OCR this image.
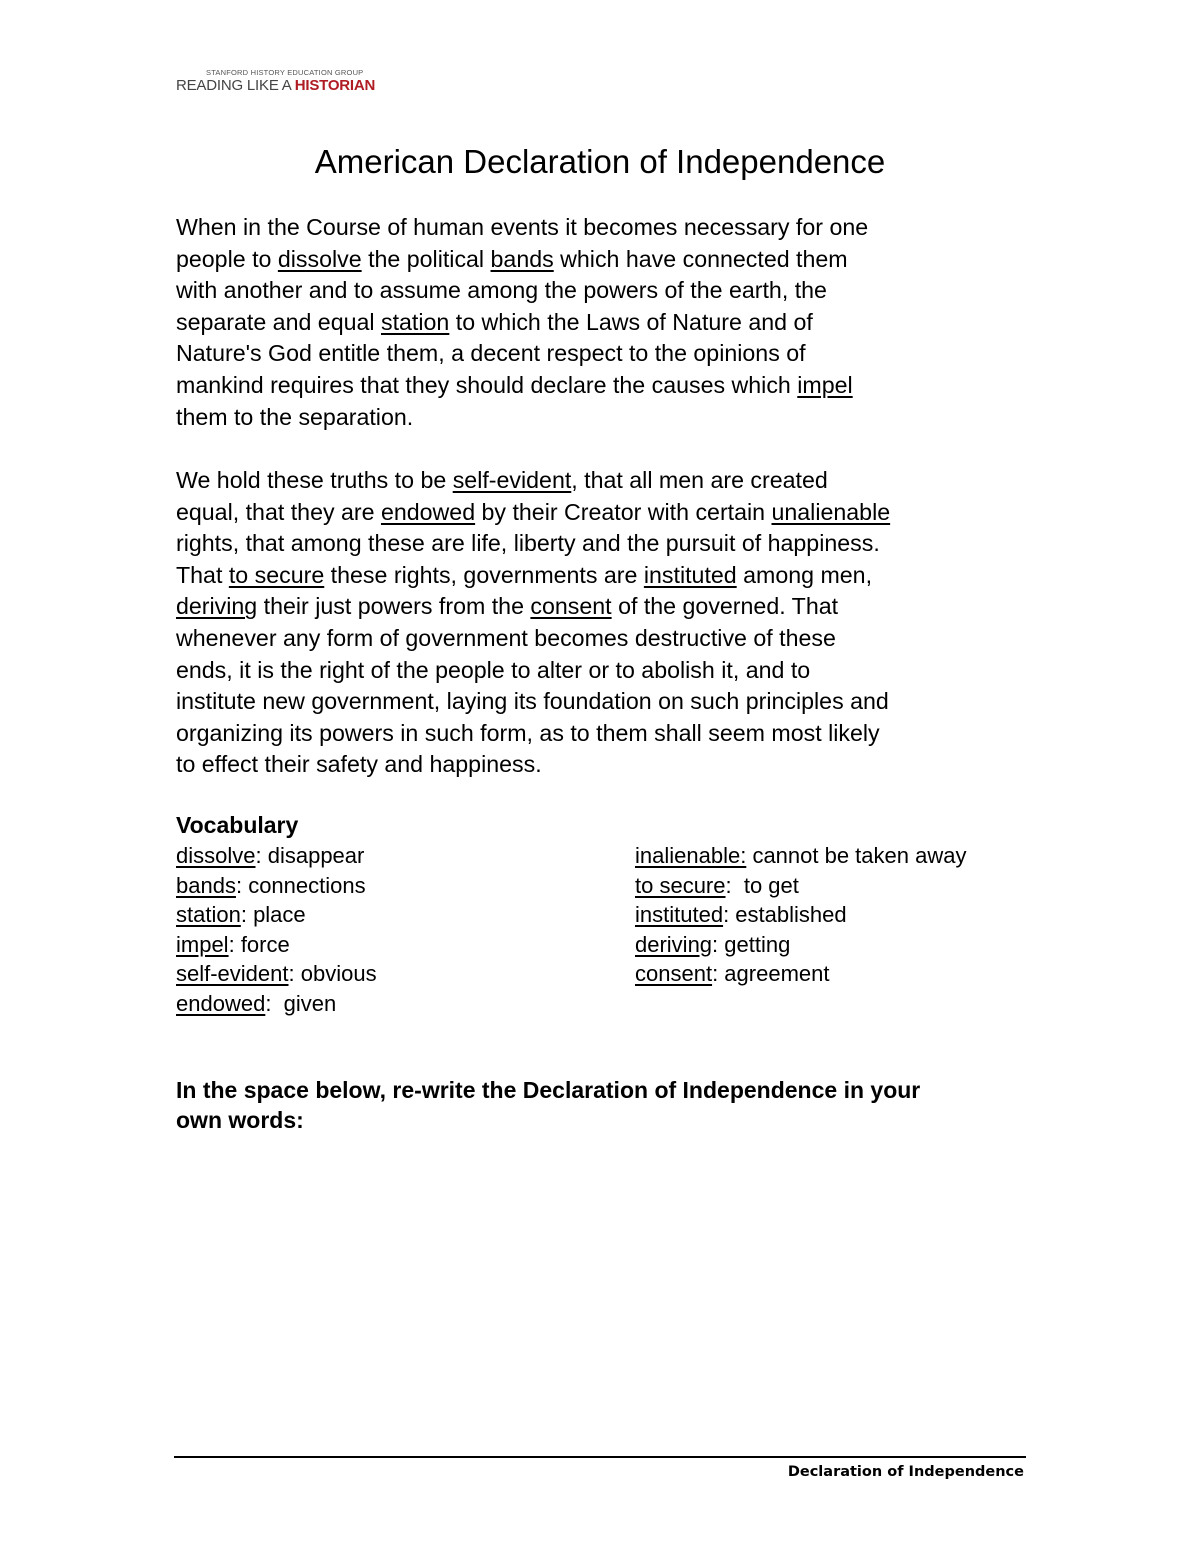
STANFORD HISTORY EDUCATION GROUP
READING LIKE A HISTORIAN
American Declaration of Independence
When in the Course of human events it becomes necessary for one
people to dissolve the political bands which have connected them
with another and to assume among the powers of the earth, the
separate and equal station to which the Laws of Nature and of
Nature's God entitle them, a decent respect to the opinions of
mankind requires that they should declare the causes which impel
them to the separation.
We hold these truths to be self-evident, that all men are created
equal, that they are endowed by their Creator with certain unalienable
rights, that among these are life, liberty and the pursuit of happiness.
That to secure these rights, governments are instituted among men,
deriving their just powers from the consent of the governed. That
whenever any form of government becomes destructive of these
ends, it is the right of the people to alter or to abolish it, and to
institute new government, laying its foundation on such principles and
organizing its powers in such form, as to them shall seem most likely
to effect their safety and happiness.
Vocabulary
dissolve: disappear
bands: connections
station: place
impel: force
self-evident: obvious
endowed:  given
inalienable: cannot be taken away
to secure:  to get
instituted: established
deriving: getting
consent: agreement
In the space below, re-write the Declaration of Independence in your
own words:
Declaration of Independence
